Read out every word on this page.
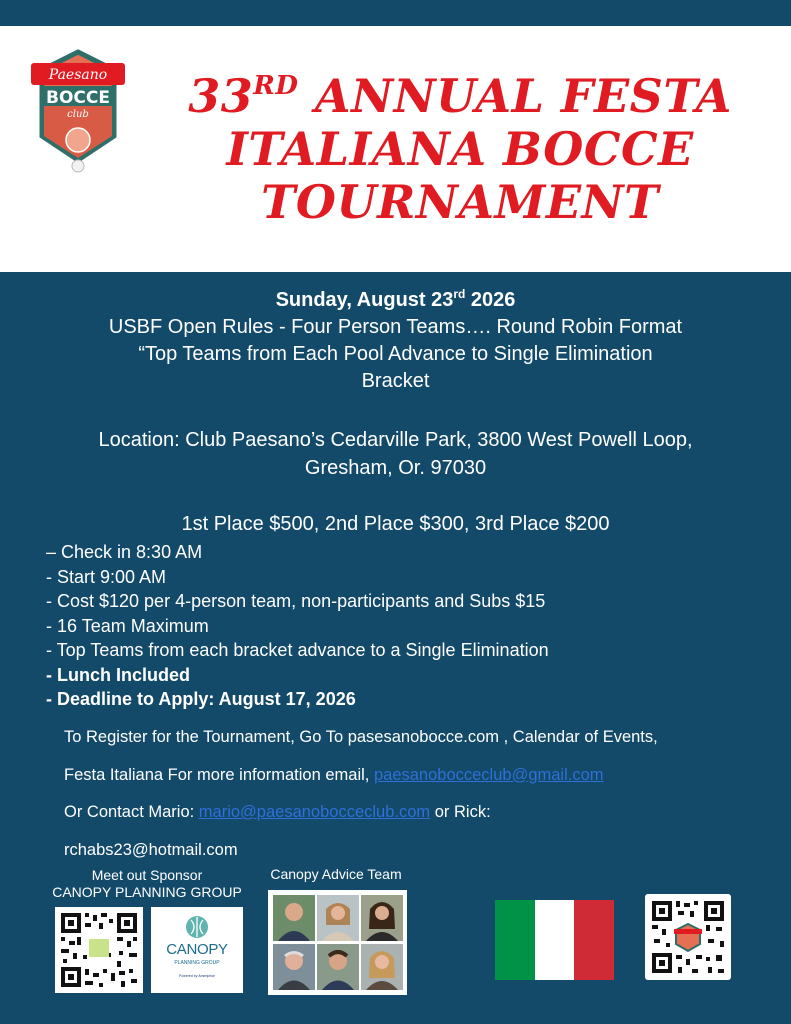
Paesano
BOCCE
club	33RD ANNUAL FESTA
ITALIANA BOCCE
TOURNAMENT
Sunday, August 23rd 2026
USBF Open Rules - Four Person Teams…. Round Robin Format
“Top Teams from Each Pool Advance to Single Elimination
Bracket
Location: Club Paesano’s Cedarville Park, 3800 West Powell Loop,
Gresham, Or. 97030
1st Place $500, 2nd Place $300, 3rd Place $200
– Check in 8:30 AM
- Start 9:00 AM
- Cost $120 per 4-person team, non-participants and Subs $15
- 16 Team Maximum
- Top Teams from each bracket advance to a Single Elimination
- Lunch Included
- Deadline to Apply: August 17, 2026
To Register for the Tournament, Go To pasesanobocce.com , Calendar of Events,
Festa Italiana For more information email, paesanobocceclub@gmail.com
Or Contact Mario: mario@paesanobocceclub.com or Rick:
rchabs23@hotmail.com
Meet out Sponsor
CANOPY PLANNING GROUP
Canopy Advice Team
CANOPY
PLANNING GROUP
Powered by Ameriprise
